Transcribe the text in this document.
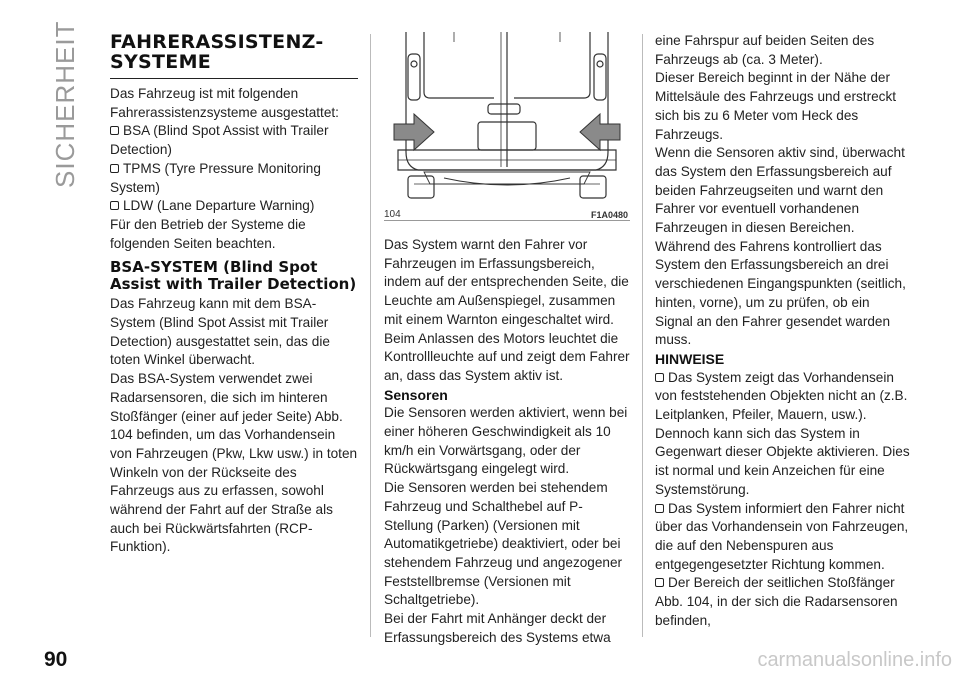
SICHERHEIT FAHRERASSISTENZ-SYSTEME

Das Fahrzeug ist mit folgenden Fahrerassistenzsysteme ausgestattet:

BSA (Blind Spot Assist with Trailer Detection)

TPMS (Tyre Pressure Monitoring System)

LDW (Lane Departure Warning)

Für den Betrieb der Systeme die folgenden Seiten beachten.

BSA-SYSTEM (Blind Spot Assist with Trailer Detection)

Das Fahrzeug kann mit dem BSA-System (Blind Spot Assist mit Trailer Detection) ausgestattet sein, das die toten Winkel überwacht.

Das BSA-System verwendet zwei Radarsensoren, die sich im hinteren Stoßfänger (einer auf jeder Seite) Abb. 104 befinden, um das Vorhandensein von Fahrzeugen (Pkw, Lkw usw.) in toten Winkeln von der Rückseite des Fahrzeugs aus zu erfassen, sowohl während der Fahrt auf der Straße als auch bei Rückwärtsfahrten (RCP-Funktion).

104	F1A0480

Das System warnt den Fahrer vor Fahrzeugen im Erfassungsbereich, indem auf der entsprechenden Seite, die Leuchte am Außenspiegel, zusammen mit einem Warnton eingeschaltet wird. Beim Anlassen des Motors leuchtet die Kontrollleuchte auf und zeigt dem Fahrer an, dass das System aktiv ist.

Sensoren

Die Sensoren werden aktiviert, wenn bei einer höheren Geschwindigkeit als 10 km/h ein Vorwärtsgang, oder der Rückwärtsgang eingelegt wird.

Die Sensoren werden bei stehendem Fahrzeug und Schalthebel auf P-Stellung (Parken) (Versionen mit Automatikgetriebe) deaktiviert, oder bei stehendem Fahrzeug und angezogener Feststellbremse (Versionen mit Schaltgetriebe).

Bei der Fahrt mit Anhänger deckt der Erfassungsbereich des Systems etwa

eine Fahrspur auf beiden Seiten des Fahrzeugs ab (ca. 3 Meter).

Dieser Bereich beginnt in der Nähe der Mittelsäule des Fahrzeugs und erstreckt sich bis zu 6 Meter vom Heck des Fahrzeugs.

Wenn die Sensoren aktiv sind, überwacht das System den Erfassungsbereich auf beiden Fahrzeugseiten und warnt den Fahrer vor eventuell vorhandenen Fahrzeugen in diesen Bereichen.

Während des Fahrens kontrolliert das System den Erfassungsbereich an drei verschiedenen Eingangspunkten (seitlich, hinten, vorne), um zu prüfen, ob ein Signal an den Fahrer gesendet warden muss.

HINWEISE

Das System zeigt das Vorhandensein von feststehenden Objekten nicht an (z.B. Leitplanken, Pfeiler, Mauern, usw.). Dennoch kann sich das System in Gegenwart dieser Objekte aktivieren. Dies ist normal und kein Anzeichen für eine Systemstörung.

Das System informiert den Fahrer nicht über das Vorhandensein von Fahrzeugen, die auf den Nebenspuren aus entgegengesetzter Richtung kommen.

Der Bereich der seitlichen Stoßfänger Abb. 104, in der sich die Radarsensoren befinden,

90	carmanualsonline.info
